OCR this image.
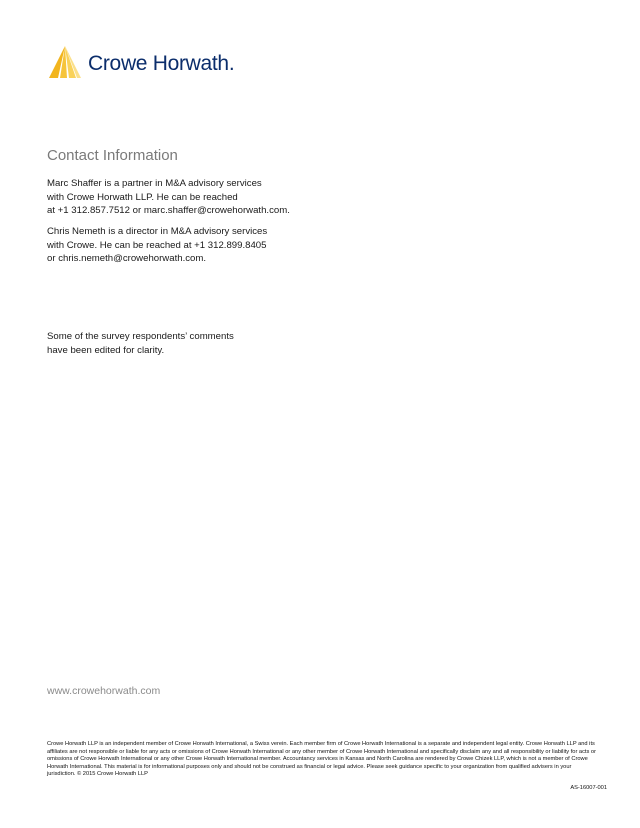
Crowe Horwath.
Contact Information

Marc Shaffer is a partner in M&A advisory services
with Crowe Horwath LLP. He can be reached
at +1 312.857.7512 or marc.shaffer@crowehorwath.com.

Chris Nemeth is a director in M&A advisory services
with Crowe. He can be reached at +1 312.899.8405
or chris.nemeth@crowehorwath.com.

Some of the survey respondents’ comments
have been edited for clarity.

www.crowehorwath.com

Crowe Horwath LLP is an independent member of Crowe Horwath International, a Swiss verein. Each member firm of Crowe Horwath International is a separate and independent legal entity. Crowe Horwath LLP and its affiliates are not responsible or liable for any acts or omissions of Crowe Horwath International or any other member of Crowe Horwath International and specifically disclaim any and all responsibility or liability for acts or omissions of Crowe Horwath International or any other Crowe Horwath International member. Accountancy services in Kansas and North Carolina are rendered by Crowe Chizek LLP, which is not a member of Crowe Horwath International. This material is for informational purposes only and should not be construed as financial or legal advice. Please seek guidance specific to your organization from qualified advisers in your jurisdiction. © 2015 Crowe Horwath LLP

AS-16007-001
